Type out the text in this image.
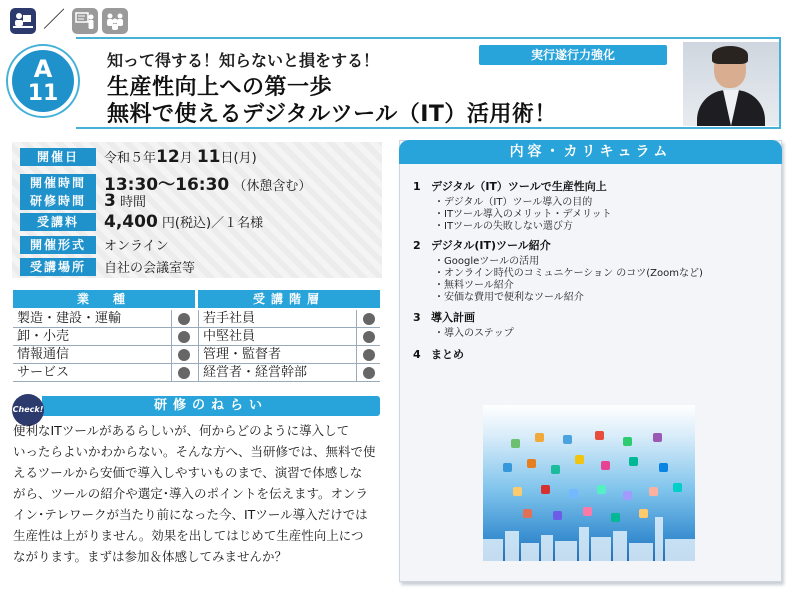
／
A
11
知って得する！知らないと損をする！
生産性向上への第一歩
無料で使えるデジタルツール（IT）活用術！
実行遂行力強化
開催日	令和５年12月 11日(月)
開催時間	13:30～16:30 （休憩含む）
研修時間	3 時間
受講料	4,400 円(税込)／１名様
開催形式	オンライン
受講場所	自社の会議室等
業　種	受講階層
製造・建設・運輸	若手社員
卸・小売	中堅社員
情報通信	管理・監督者
サービス	経営者・経営幹部
研修のねらい
Check!
便利なITツールがあるらしいが、何からどのように導入して
いったらよいかわからない。そんな方へ、当研修では、無料で使
えるツールから安価で導入しやすいものまで、演習で体感しな
がら、ツールの紹介や選定･導入のポイントを伝えます。オンラ
イン･テレワークが当たり前になった今、ITツール導入だけでは
生産性は上がりません。効果を出してはじめて生産性向上につ
ながります。まずは参加＆体感してみませんか？
内容・カリキュラム
1 デジタル（IT）ツールで生産性向上
・デジタル（IT）ツール導入の目的
・ITツール導入のメリット・デメリット
・ITツールの失敗しない選び方
2 デジタル(IT)ツール紹介
・Googleツールの活用
・オンライン時代のコミュニケーション のコツ(Zoomなど)
・無料ツール紹介
・安価な費用で便利なツール紹介
3 導入計画
・導入のステップ
4 まとめ
